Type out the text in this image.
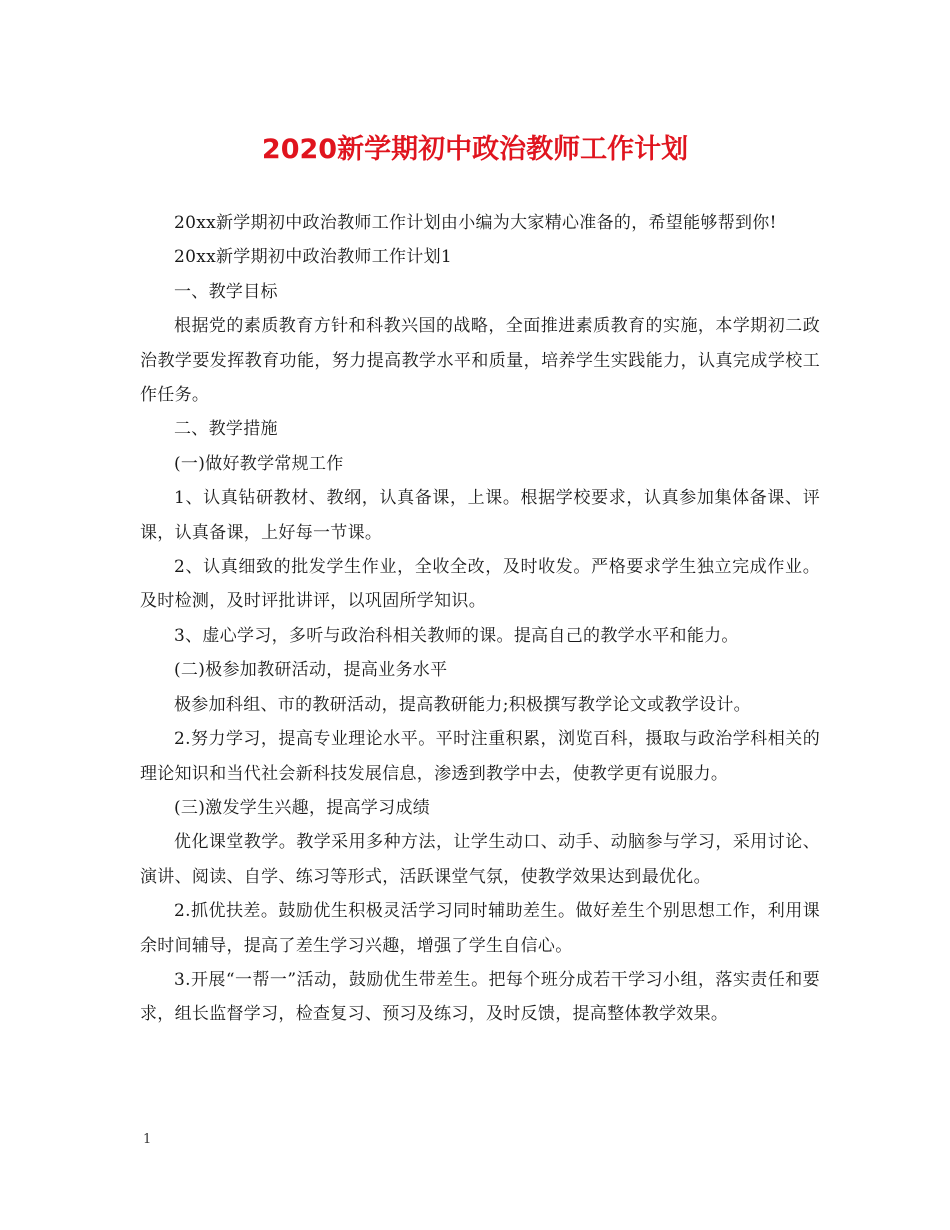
2020新学期初中政治教师工作计划

20xx新学期初中政治教师工作计划由小编为大家精心准备的，希望能够帮到你!

20xx新学期初中政治教师工作计划1

一、教学目标

根据党的素质教育方针和科教兴国的战略，全面推进素质教育的实施，本学期初二政治教学要发挥教育功能，努力提高教学水平和质量，培养学生实践能力，认真完成学校工作任务。

二、教学措施

(一)做好教学常规工作

1、认真钻研教材、教纲，认真备课，上课。根据学校要求，认真参加集体备课、评课，认真备课，上好每一节课。

2、认真细致的批发学生作业，全收全改，及时收发。严格要求学生独立完成作业。及时检测，及时评批讲评，以巩固所学知识。

3、虚心学习，多听与政治科相关教师的课。提高自己的教学水平和能力。

(二)极参加教研活动，提高业务水平

极参加科组、市的教研活动，提高教研能力;积极撰写教学论文或教学设计。

2.努力学习，提高专业理论水平。平时注重积累，浏览百科，摄取与政治学科相关的理论知识和当代社会新科技发展信息，渗透到教学中去，使教学更有说服力。

(三)激发学生兴趣，提高学习成绩

优化课堂教学。教学采用多种方法，让学生动口、动手、动脑参与学习，采用讨论、演讲、阅读、自学、练习等形式，活跃课堂气氛，使教学效果达到最优化。

2.抓优扶差。鼓励优生积极灵活学习同时辅助差生。做好差生个别思想工作，利用课余时间辅导，提高了差生学习兴趣，增强了学生自信心。

3.开展“一帮一”活动，鼓励优生带差生。把每个班分成若干学习小组，落实责任和要求，组长监督学习，检查复习、预习及练习，及时反馈，提高整体教学效果。

1
